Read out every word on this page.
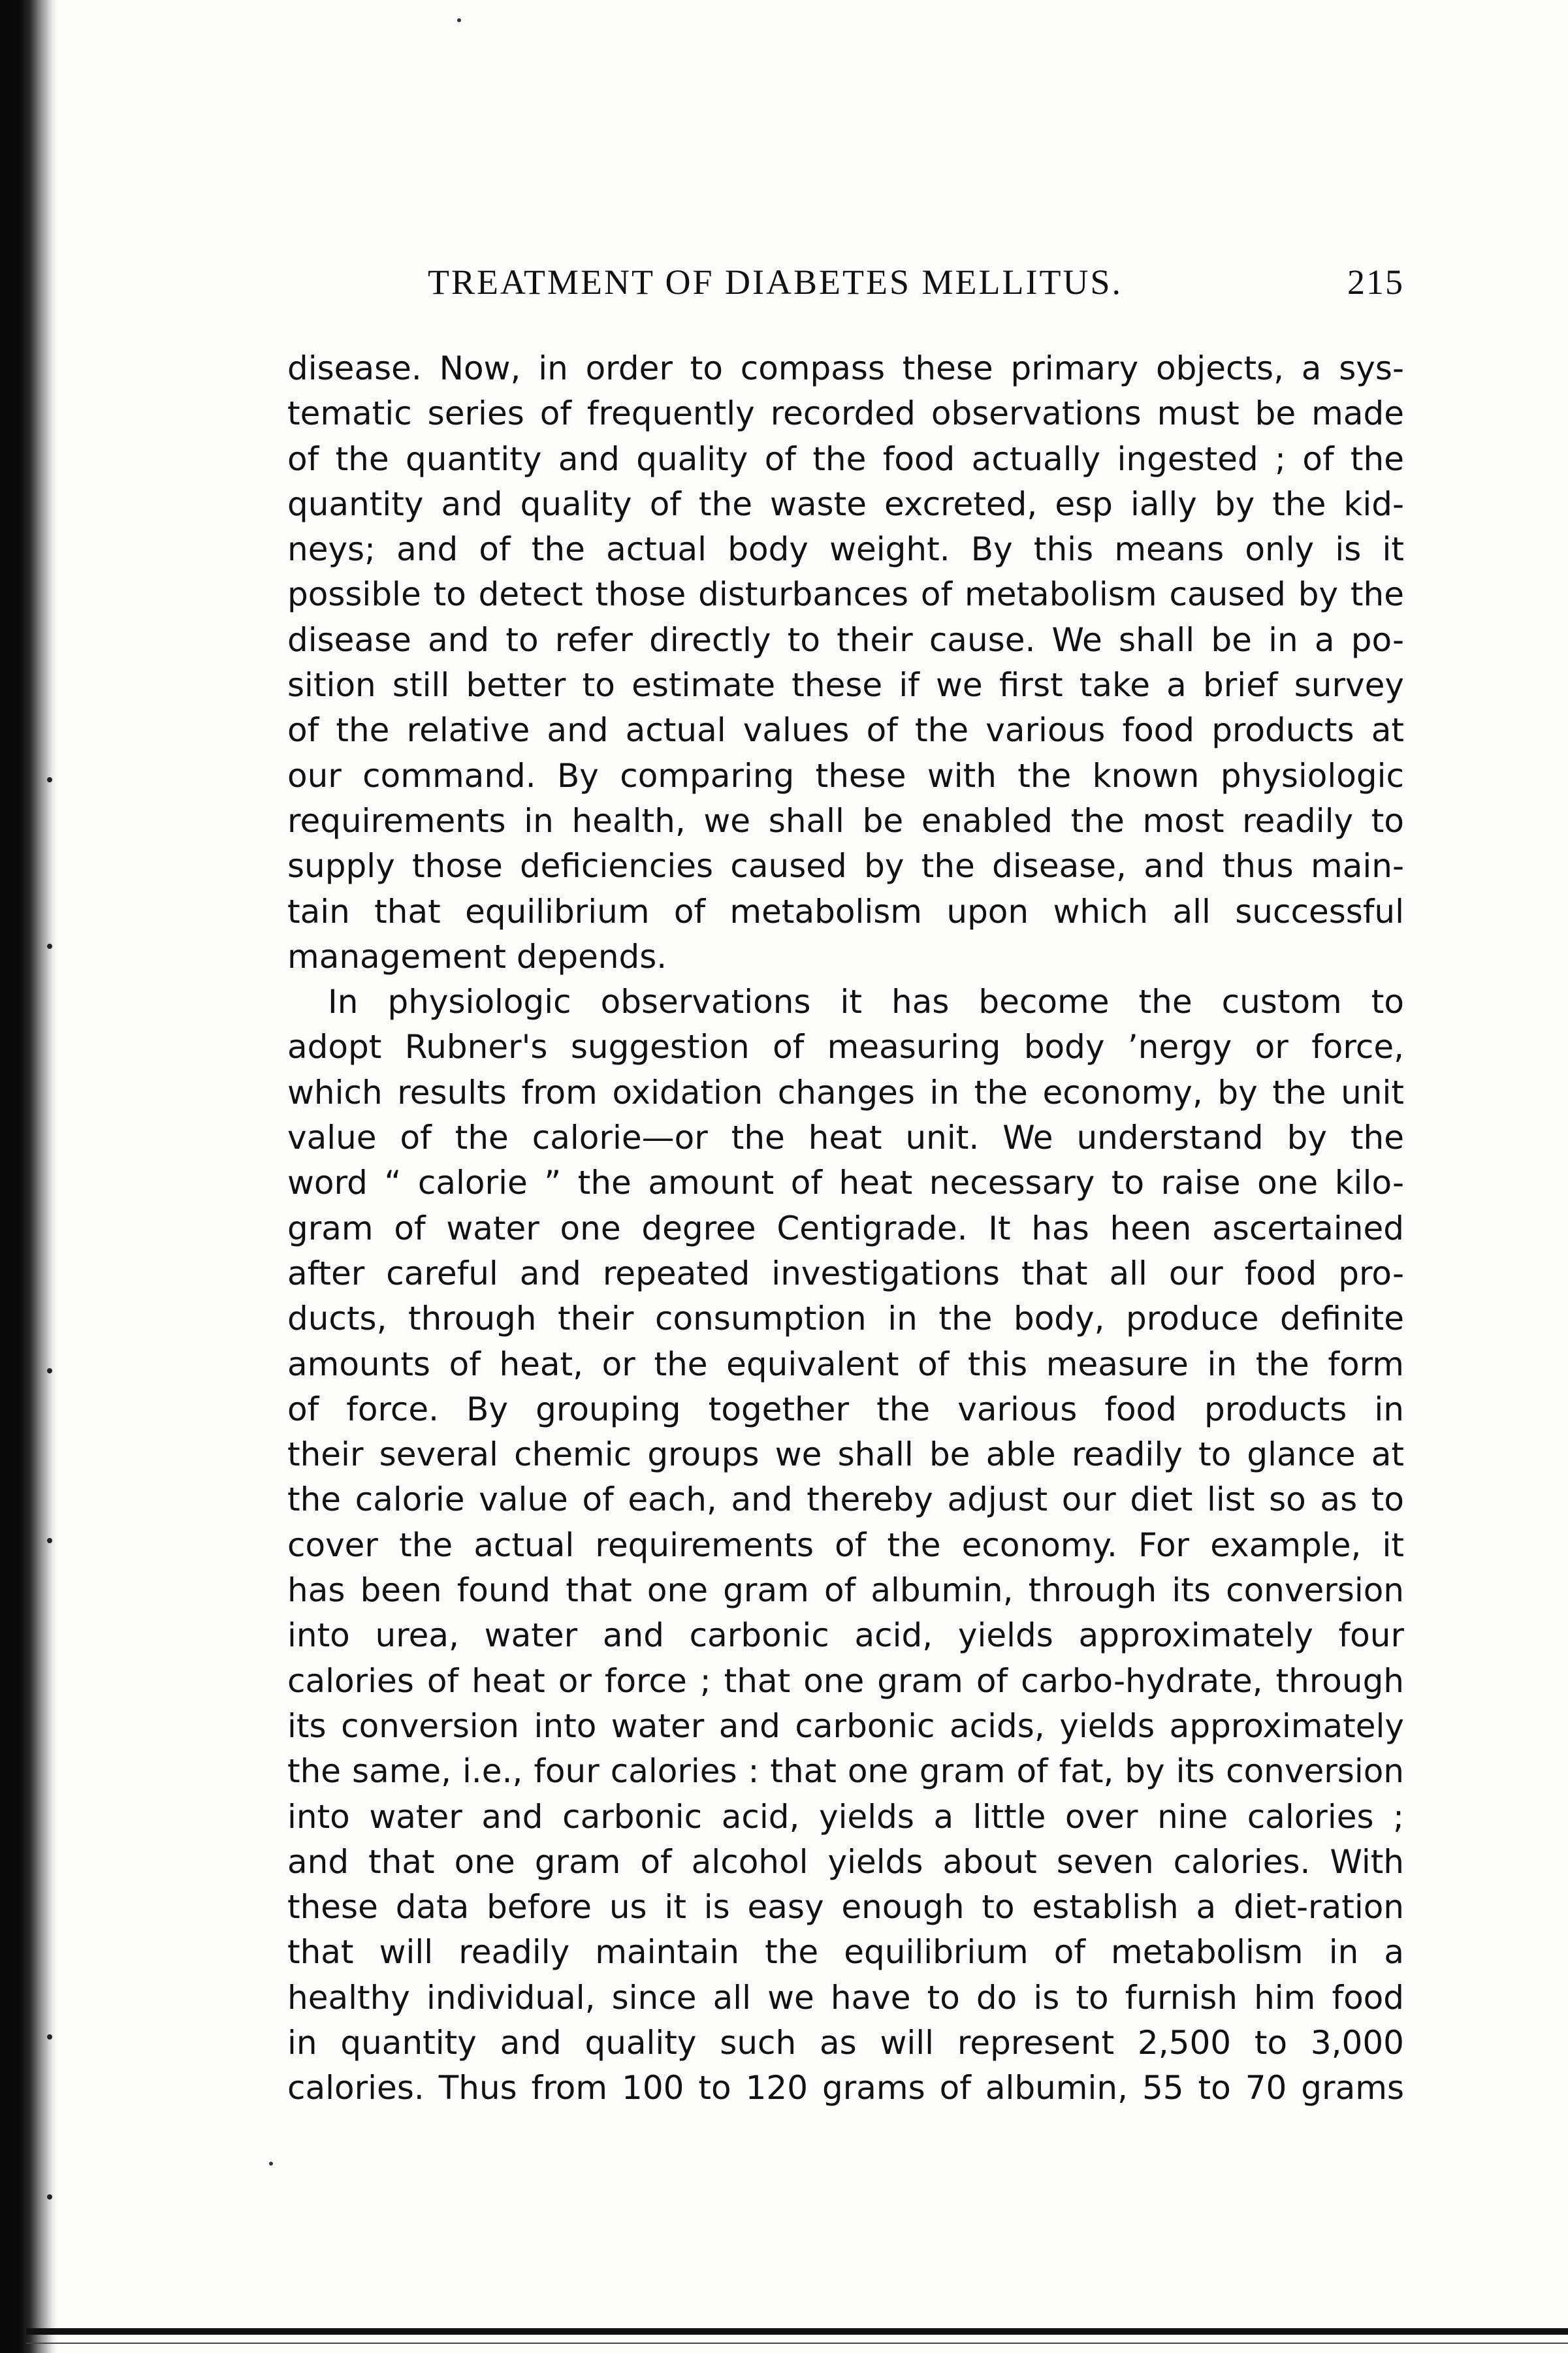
TREATMENT OF DIABETES MELLITUS.	215
disease. Now, in order to compass these primary objects, a sys-
tematic series of frequently recorded observations must be made
of the quantity and quality of the food actually ingested ; of the
quantity and quality of the waste excreted, esp ially by the kid-
neys; and of the actual body weight. By this means only is it
possible to detect those disturbances of metabolism caused by the
disease and to refer directly to their cause. We shall be in a po-
sition still better to estimate these if we first take a brief survey
of the relative and actual values of the various food products at
our command. By comparing these with the known physiologic
requirements in health, we shall be enabled the most readily to
supply those deficiencies caused by the disease, and thus main-
tain that equilibrium of metabolism upon which all successful
management depends.
In physiologic observations it has become the custom to
adopt Rubner's suggestion of measuring body ’nergy or force,
which results from oxidation changes in the economy, by the unit
value of the calorie—or the heat unit. We understand by the
word “ calorie ” the amount of heat necessary to raise one kilo-
gram of water one degree Centigrade. It has heen ascertained
after careful and repeated investigations that all our food pro-
ducts, through their consumption in the body, produce definite
amounts of heat, or the equivalent of this measure in the form
of force. By grouping together the various food products in
their several chemic groups we shall be able readily to glance at
the calorie value of each, and thereby adjust our diet list so as to
cover the actual requirements of the economy. For example, it
has been found that one gram of albumin, through its conversion
into urea, water and carbonic acid, yields approximately four
calories of heat or force ; that one gram of carbo-hydrate, through
its conversion into water and carbonic acids, yields approximately
the same, i.e., four calories : that one gram of fat, by its conversion
into water and carbonic acid, yields a little over nine calories ;
and that one gram of alcohol yields about seven calories. With
these data before us it is easy enough to establish a diet-ration
that will readily maintain the equilibrium of metabolism in a
healthy individual, since all we have to do is to furnish him food
in quantity and quality such as will represent 2,500 to 3,000
calories. Thus from 100 to 120 grams of albumin, 55 to 70 grams
